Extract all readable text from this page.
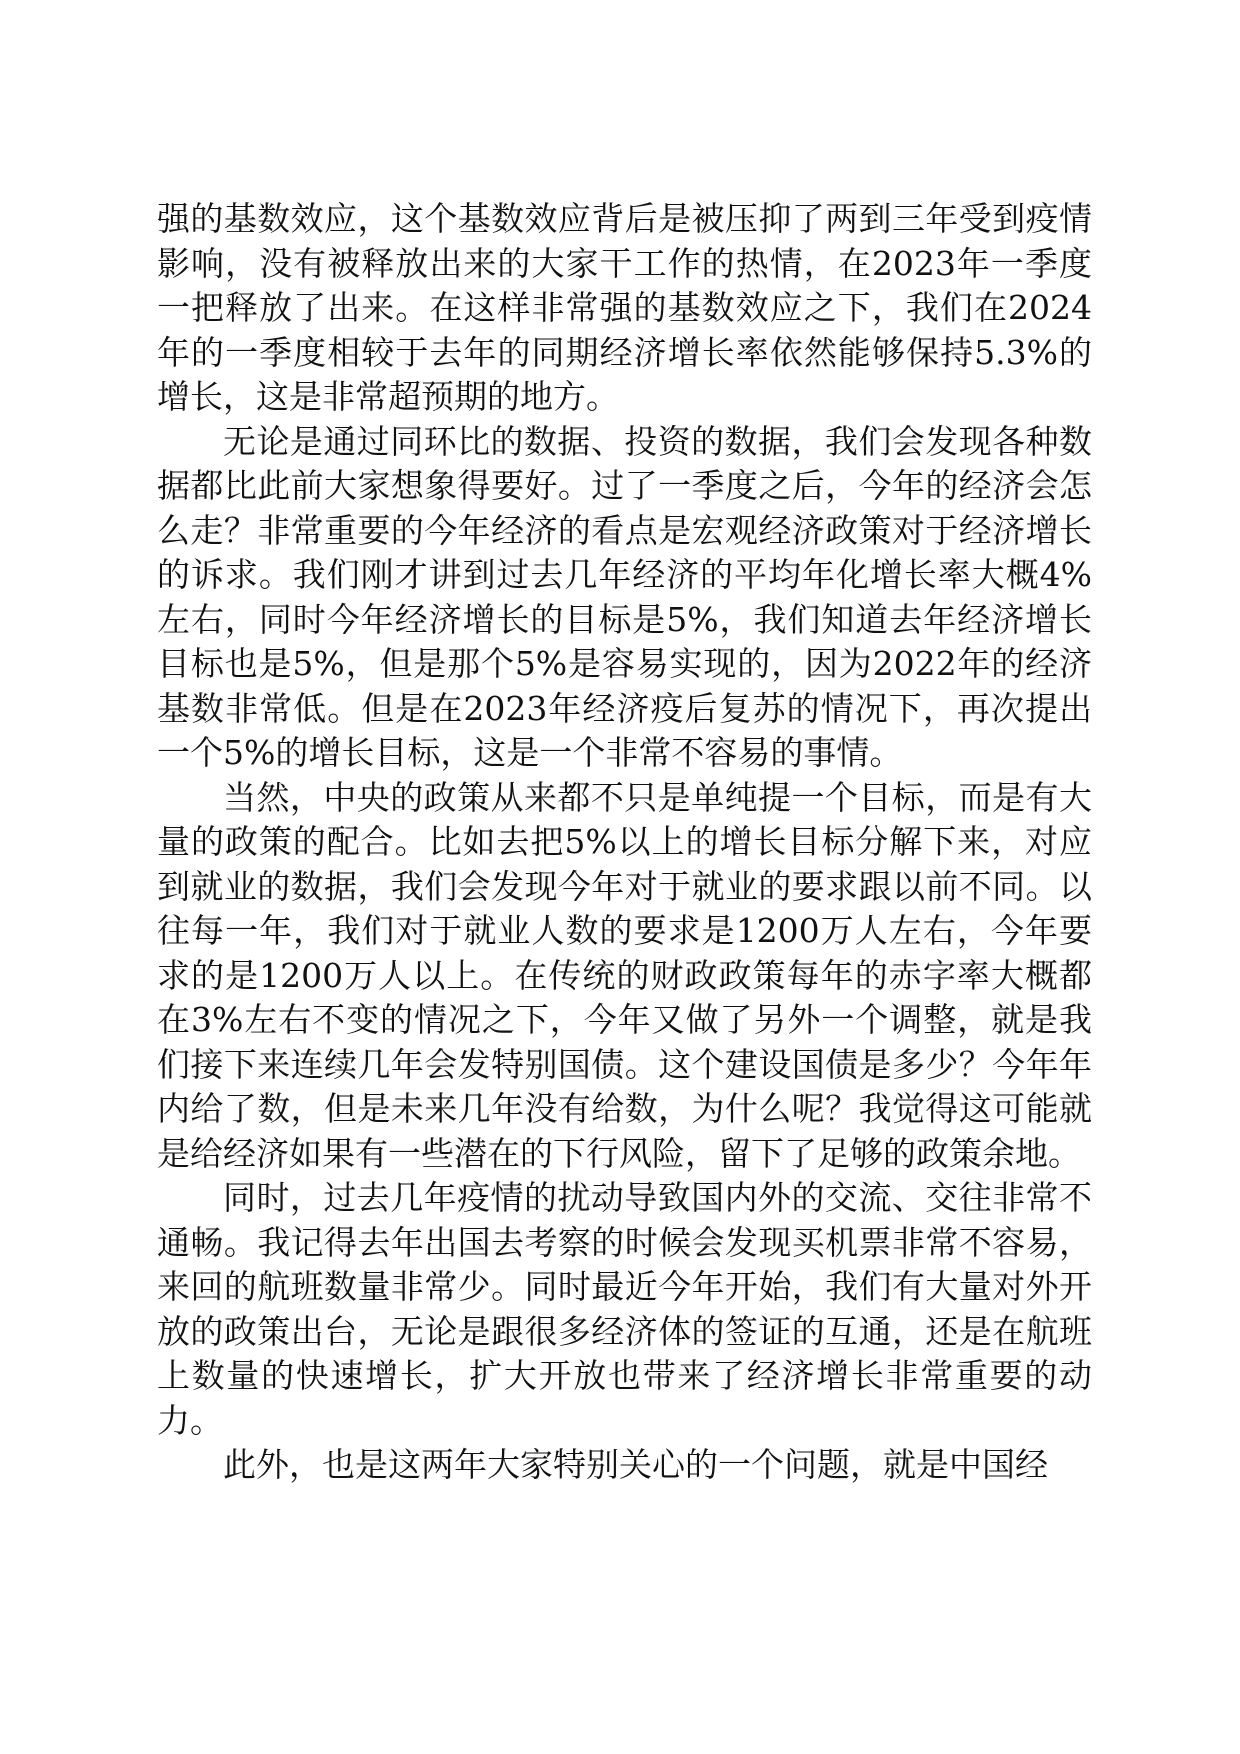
强的基数效应，这个基数效应背后是被压抑了两到三年受到疫情影响，没有被释放出来的大家干工作的热情，在2023年一季度一把释放了出来。在这样非常强的基数效应之下，我们在2024年的一季度相较于去年的同期经济增长率依然能够保持5.3%的增长，这是非常超预期的地方。

无论是通过同环比的数据、投资的数据，我们会发现各种数据都比此前大家想象得要好。过了一季度之后，今年的经济会怎么走？非常重要的今年经济的看点是宏观经济政策对于经济增长的诉求。我们刚才讲到过去几年经济的平均年化增长率大概4%左右，同时今年经济增长的目标是5%，我们知道去年经济增长目标也是5%，但是那个5%是容易实现的，因为2022年的经济基数非常低。但是在2023年经济疫后复苏的情况下，再次提出一个5%的增长目标，这是一个非常不容易的事情。

当然，中央的政策从来都不只是单纯提一个目标，而是有大量的政策的配合。比如去把5%以上的增长目标分解下来，对应到就业的数据，我们会发现今年对于就业的要求跟以前不同。以往每一年，我们对于就业人数的要求是1200万人左右，今年要求的是1200万人以上。在传统的财政政策每年的赤字率大概都在3%左右不变的情况之下，今年又做了另外一个调整，就是我们接下来连续几年会发特别国债。这个建设国债是多少？今年年内给了数，但是未来几年没有给数，为什么呢？我觉得这可能就是给经济如果有一些潜在的下行风险，留下了足够的政策余地。

同时，过去几年疫情的扰动导致国内外的交流、交往非常不通畅。我记得去年出国去考察的时候会发现买机票非常不容易，来回的航班数量非常少。同时最近今年开始，我们有大量对外开放的政策出台，无论是跟很多经济体的签证的互通，还是在航班上数量的快速增长，扩大开放也带来了经济增长非常重要的动力。

此外，也是这两年大家特别关心的一个问题，就是中国经
